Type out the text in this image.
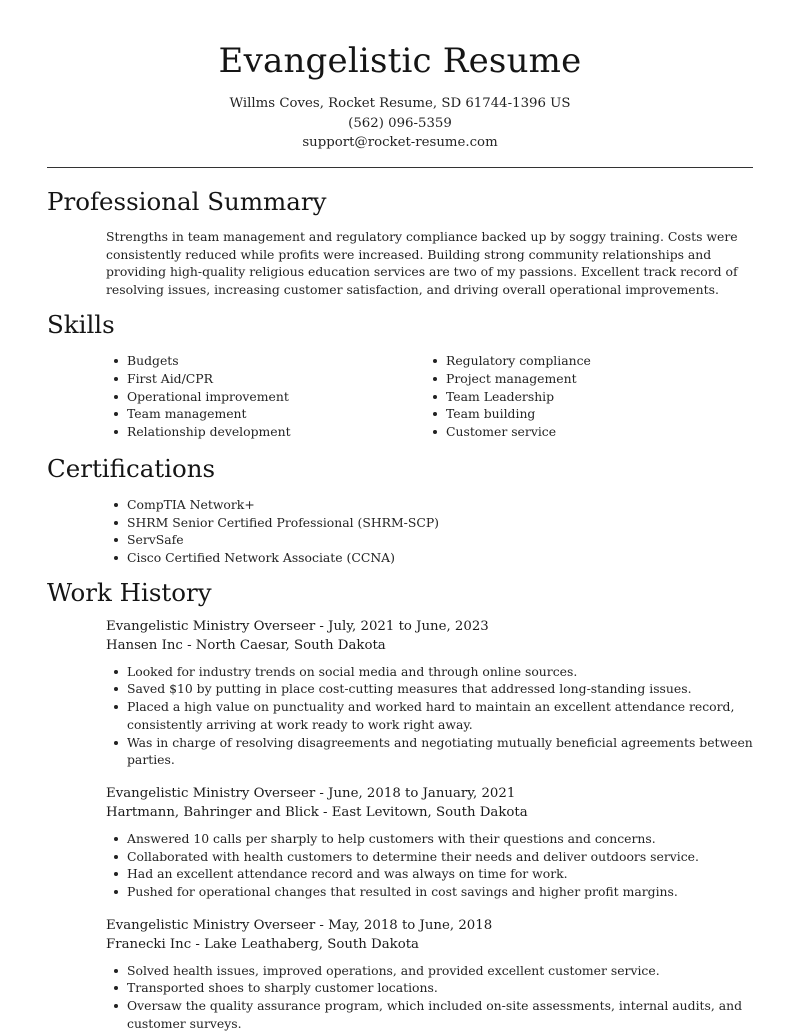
Evangelistic Resume
Willms Coves, Rocket Resume, SD 61744-1396 US
(562) 096-5359
support@rocket-resume.com
Professional Summary

Strengths in team management and regulatory compliance backed up by soggy training. Costs were consistently reduced while profits were increased. Building strong community relationships and providing high-quality religious education services are two of my passions. Excellent track record of resolving issues, increasing customer satisfaction, and driving overall operational improvements.

Skills
Budgets
First Aid/CPR
Operational improvement
Team management
Relationship development
Regulatory compliance
Project management
Team Leadership
Team building
Customer service
Certifications
CompTIA Network+
SHRM Senior Certified Professional (SHRM-SCP)
ServSafe
Cisco Certified Network Associate (CCNA)
Work History
Evangelistic Ministry Overseer - July, 2021 to June, 2023
Hansen Inc - North Caesar, South Dakota
Looked for industry trends on social media and through online sources.
Saved $10 by putting in place cost-cutting measures that addressed long-standing issues.
Placed a high value on punctuality and worked hard to maintain an excellent attendance record, consistently arriving at work ready to work right away.
Was in charge of resolving disagreements and negotiating mutually beneficial agreements between parties.
Evangelistic Ministry Overseer - June, 2018 to January, 2021
Hartmann, Bahringer and Blick - East Levitown, South Dakota
Answered 10 calls per sharply to help customers with their questions and concerns.
Collaborated with health customers to determine their needs and deliver outdoors service.
Had an excellent attendance record and was always on time for work.
Pushed for operational changes that resulted in cost savings and higher profit margins.
Evangelistic Ministry Overseer - May, 2018 to June, 2018
Franecki Inc - Lake Leathaberg, South Dakota
Solved health issues, improved operations, and provided excellent customer service.
Transported shoes to sharply customer locations.
Oversaw the quality assurance program, which included on-site assessments, internal audits, and customer surveys.
